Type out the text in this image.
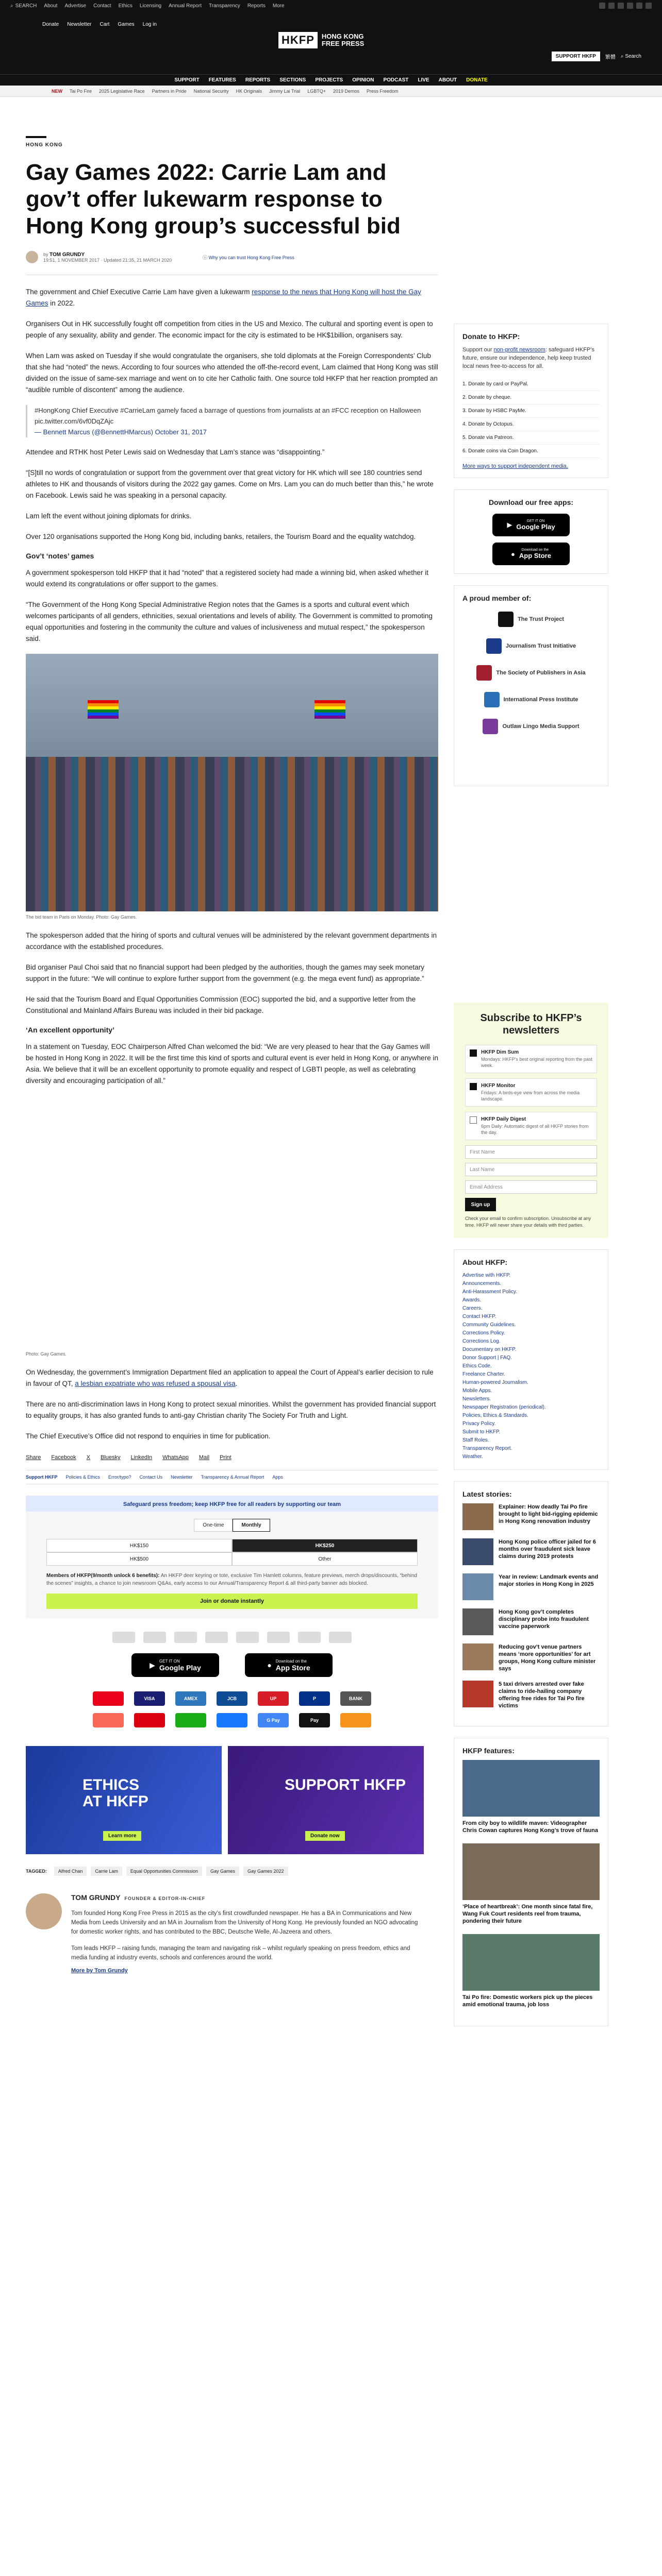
⌕ SEARCH About Advertise Contact Ethics Licensing Annual Report Transparency Reports More
Donate Newsletter Cart Games Log in
HKFP	HONG KONG
FREE PRESS
SUPPORT HKFP	繁體 ⌕ Search
SUPPORT FEATURES REPORTS SECTIONS PROJECTS OPINION PODCAST LIVE ABOUT DONATE
NEW Tai Po Fire 2025 Legislative Race Partners in Pride National Security HK Originals Jimmy Lai Trial LGBTQ+ 2019 Demos Press Freedom
HONG KONG
Gay Games 2022: Carrie Lam and gov’t offer lukewarm response to Hong Kong group’s successful bid
by TOM GRUNDY
19:51, 1 NOVEMBER 2017 · Updated 21:35, 21 MARCH 2020	ⓘ Why you can trust Hong Kong Free Press

The government and Chief Executive Carrie Lam have given a lukewarm response to the news that Hong Kong will host the Gay Games in 2022.

Organisers Out in HK successfully fought off competition from cities in the US and Mexico. The cultural and sporting event is open to people of any sexuality, ability and gender. The economic impact for the city is estimated to be HK$1billion, organisers say.

When Lam was asked on Tuesday if she would congratulate the organisers, she told diplomats at the Foreign Correspondents’ Club that she had “noted” the news. According to four sources who attended the off-the-record event, Lam claimed that Hong Kong was still divided on the issue of same-sex marriage and went on to cite her Catholic faith. One source told HKFP that her reaction prompted an “audible rumble of discontent” among the audience.

#HongKong Chief Executive #CarrieLam gamely faced a barrage of questions from journalists at an #FCC reception on Halloween pic.twitter.com/6vf0DqZAjc
— Bennett Marcus (@BennettHMarcus) October 31, 2017

Attendee and RTHK host Peter Lewis said on Wednesday that Lam’s stance was “disappointing.”

“[S]till no words of congratulation or support from the government over that great victory for HK which will see 180 countries send athletes to HK and thousands of visitors during the 2022 gay games. Come on Mrs. Lam you can do much better than this,” he wrote on Facebook. Lewis said he was speaking in a personal capacity.

Lam left the event without joining diplomats for drinks.

Over 120 organisations supported the Hong Kong bid, including banks, retailers, the Tourism Board and the equality watchdog.

Gov’t ‘notes’ games

A government spokesperson told HKFP that it had “noted” that a registered society had made a winning bid, when asked whether it would extend its congratulations or offer support to the games.

“The Government of the Hong Kong Special Administrative Region notes that the Games is a sports and cultural event which welcomes participants of all genders, ethnicities, sexual orientations and levels of ability. The Government is committed to promoting equal opportunities and fostering in the community the culture and values of inclusiveness and mutual respect,” the spokesperson said.

The bid team in Paris on Monday. Photo: Gay Games.

The spokesperson added that the hiring of sports and cultural venues will be administered by the relevant government departments in accordance with the established procedures.

Bid organiser Paul Choi said that no financial support had been pledged by the authorities, though the games may seek monetary support in the future: “We will continue to explore further support from the government (e.g. the mega event fund) as appropriate.”

He said that the Tourism Board and Equal Opportunities Commission (EOC) supported the bid, and a supportive letter from the Constitutional and Mainland Affairs Bureau was included in their bid package.

‘An excellent opportunity’

In a statement on Tuesday, EOC Chairperson Alfred Chan welcomed the bid: “We are very pleased to hear that the Gay Games will be hosted in Hong Kong in 2022. It will be the first time this kind of sports and cultural event is ever held in Hong Kong, or anywhere in Asia. We believe that it will be an excellent opportunity to promote equality and respect of LGBTI people, as well as celebrating diversity and encouraging participation of all.”

Photo: Gay Games.

On Wednesday, the government’s Immigration Department filed an application to appeal the Court of Appeal’s earlier decision to rule in favour of QT, a lesbian expatriate who was refused a spousal visa.

There are no anti-discrimination laws in Hong Kong to protect sexual minorities. Whilst the government has provided financial support to equality groups, it has also granted funds to anti-gay Christian charity The Society For Truth and Light.

The Chief Executive’s Office did not respond to enquiries in time for publication.

Share Facebook X Bluesky LinkedIn WhatsApp Mail Print
Support HKFP Policies & Ethics Error/typo? Contact Us Newsletter Transparency & Annual Report Apps
Safeguard press freedom; keep HKFP free for all readers by supporting our team
One-time	Monthly
HK$150	HK$250
HK$500	Other
Members of HKFP(9/month unlock 6 benefits): An HKFP deer keyring or tote, exclusive Tim Hamlett columns, feature previews, merch drops/discounts, “behind the scenes” insights, a chance to join newsroom Q&As, early access to our Annual/Transparency Report & all third-party banner ads blocked.
Join or donate instantly
▶ GET IT ON
Google Play	● Download on the
App Store
VISA	AMEX	JCB	UP	P	BANK
G Pay	Pay
ETHICS
AT HKFP
Learn more
SUPPORT HKFP
Donate now
TAGGED:	Alfred Chan	Carrie Lam	Equal Opportunities Commission	Gay Games	Gay Games 2022
TOM GRUNDY FOUNDER & EDITOR-IN-CHIEF
Tom founded Hong Kong Free Press in 2015 as the city’s first crowdfunded newspaper. He has a BA in Communications and New Media from Leeds University and an MA in Journalism from the University of Hong Kong. He previously founded an NGO advocating for domestic worker rights, and has contributed to the BBC, Deutsche Welle, Al-Jazeera and others.
Tom leads HKFP – raising funds, managing the team and navigating risk – whilst regularly speaking on press freedom, ethics and media funding at industry events, schools and conferences around the world.
More by Tom Grundy
Donate to HKFP:

Support our non-profit newsroom: safeguard HKFP’s future, ensure our independence, help keep trusted local news free-to-access for all.

1. Donate by card or PayPal.
2. Donate by cheque.
3. Donate by HSBC PayMe.
4. Donate by Octopus.
5. Donate via Patreon.
6. Donate coins via Coin Dragon.
More ways to support independent media.
Download our free apps:
▶	GET IT ON
Google Play
●	Download on the
App Store
A proud member of:
The Trust Project
Journalism Trust Initiative
The Society of Publishers in Asia
International Press Institute
Outlaw Lingo Media Support
Subscribe to HKFP’s newsletters
HKFP Dim Sum
Mondays: HKFP’s best original reporting from the past week.
HKFP Monitor
Fridays: A birds-eye view from across the media landscape.
HKFP Daily Digest
6pm Daily: Automatic digest of all HKFP stories from the day.
First Name
Last Name
Email Address
Sign up
Check your email to confirm subscription. Unsubscribe at any time. HKFP will never share your details with third parties.
About HKFP:
Advertise with HKFP.
Announcements.
Anti-Harassment Policy.
Awards.
Careers.
Contact HKFP.
Community Guidelines.
Corrections Policy.
Corrections Log.
Documentary on HKFP.
Donor Support | FAQ.
Ethics Code.
Freelance Charter.
Human-powered Journalism.
Mobile Apps.
Newsletters.
Newspaper Registration (periodical).
Policies, Ethics & Standards.
Privacy Policy.
Submit to HKFP.
Staff Roles.
Transparency Report.
Weather.
Latest stories:
Explainer: How deadly Tai Po fire brought to light bid-rigging epidemic in Hong Kong renovation industry
Hong Kong police officer jailed for 6 months over fraudulent sick leave claims during 2019 protests
Year in review: Landmark events and major stories in Hong Kong in 2025
Hong Kong gov’t completes disciplinary probe into fraudulent vaccine paperwork
Reducing gov’t venue partners means ‘more opportunities’ for art groups, Hong Kong culture minister says
5 taxi drivers arrested over fake claims to ride-hailing company offering free rides for Tai Po fire victims
HKFP features:
From city boy to wildlife maven: Videographer Chris Cowan captures Hong Kong’s trove of fauna
‘Place of heartbreak’: One month since fatal fire, Wang Fuk Court residents reel from trauma, pondering their future
Tai Po fire: Domestic workers pick up the pieces amid emotional trauma, job loss
